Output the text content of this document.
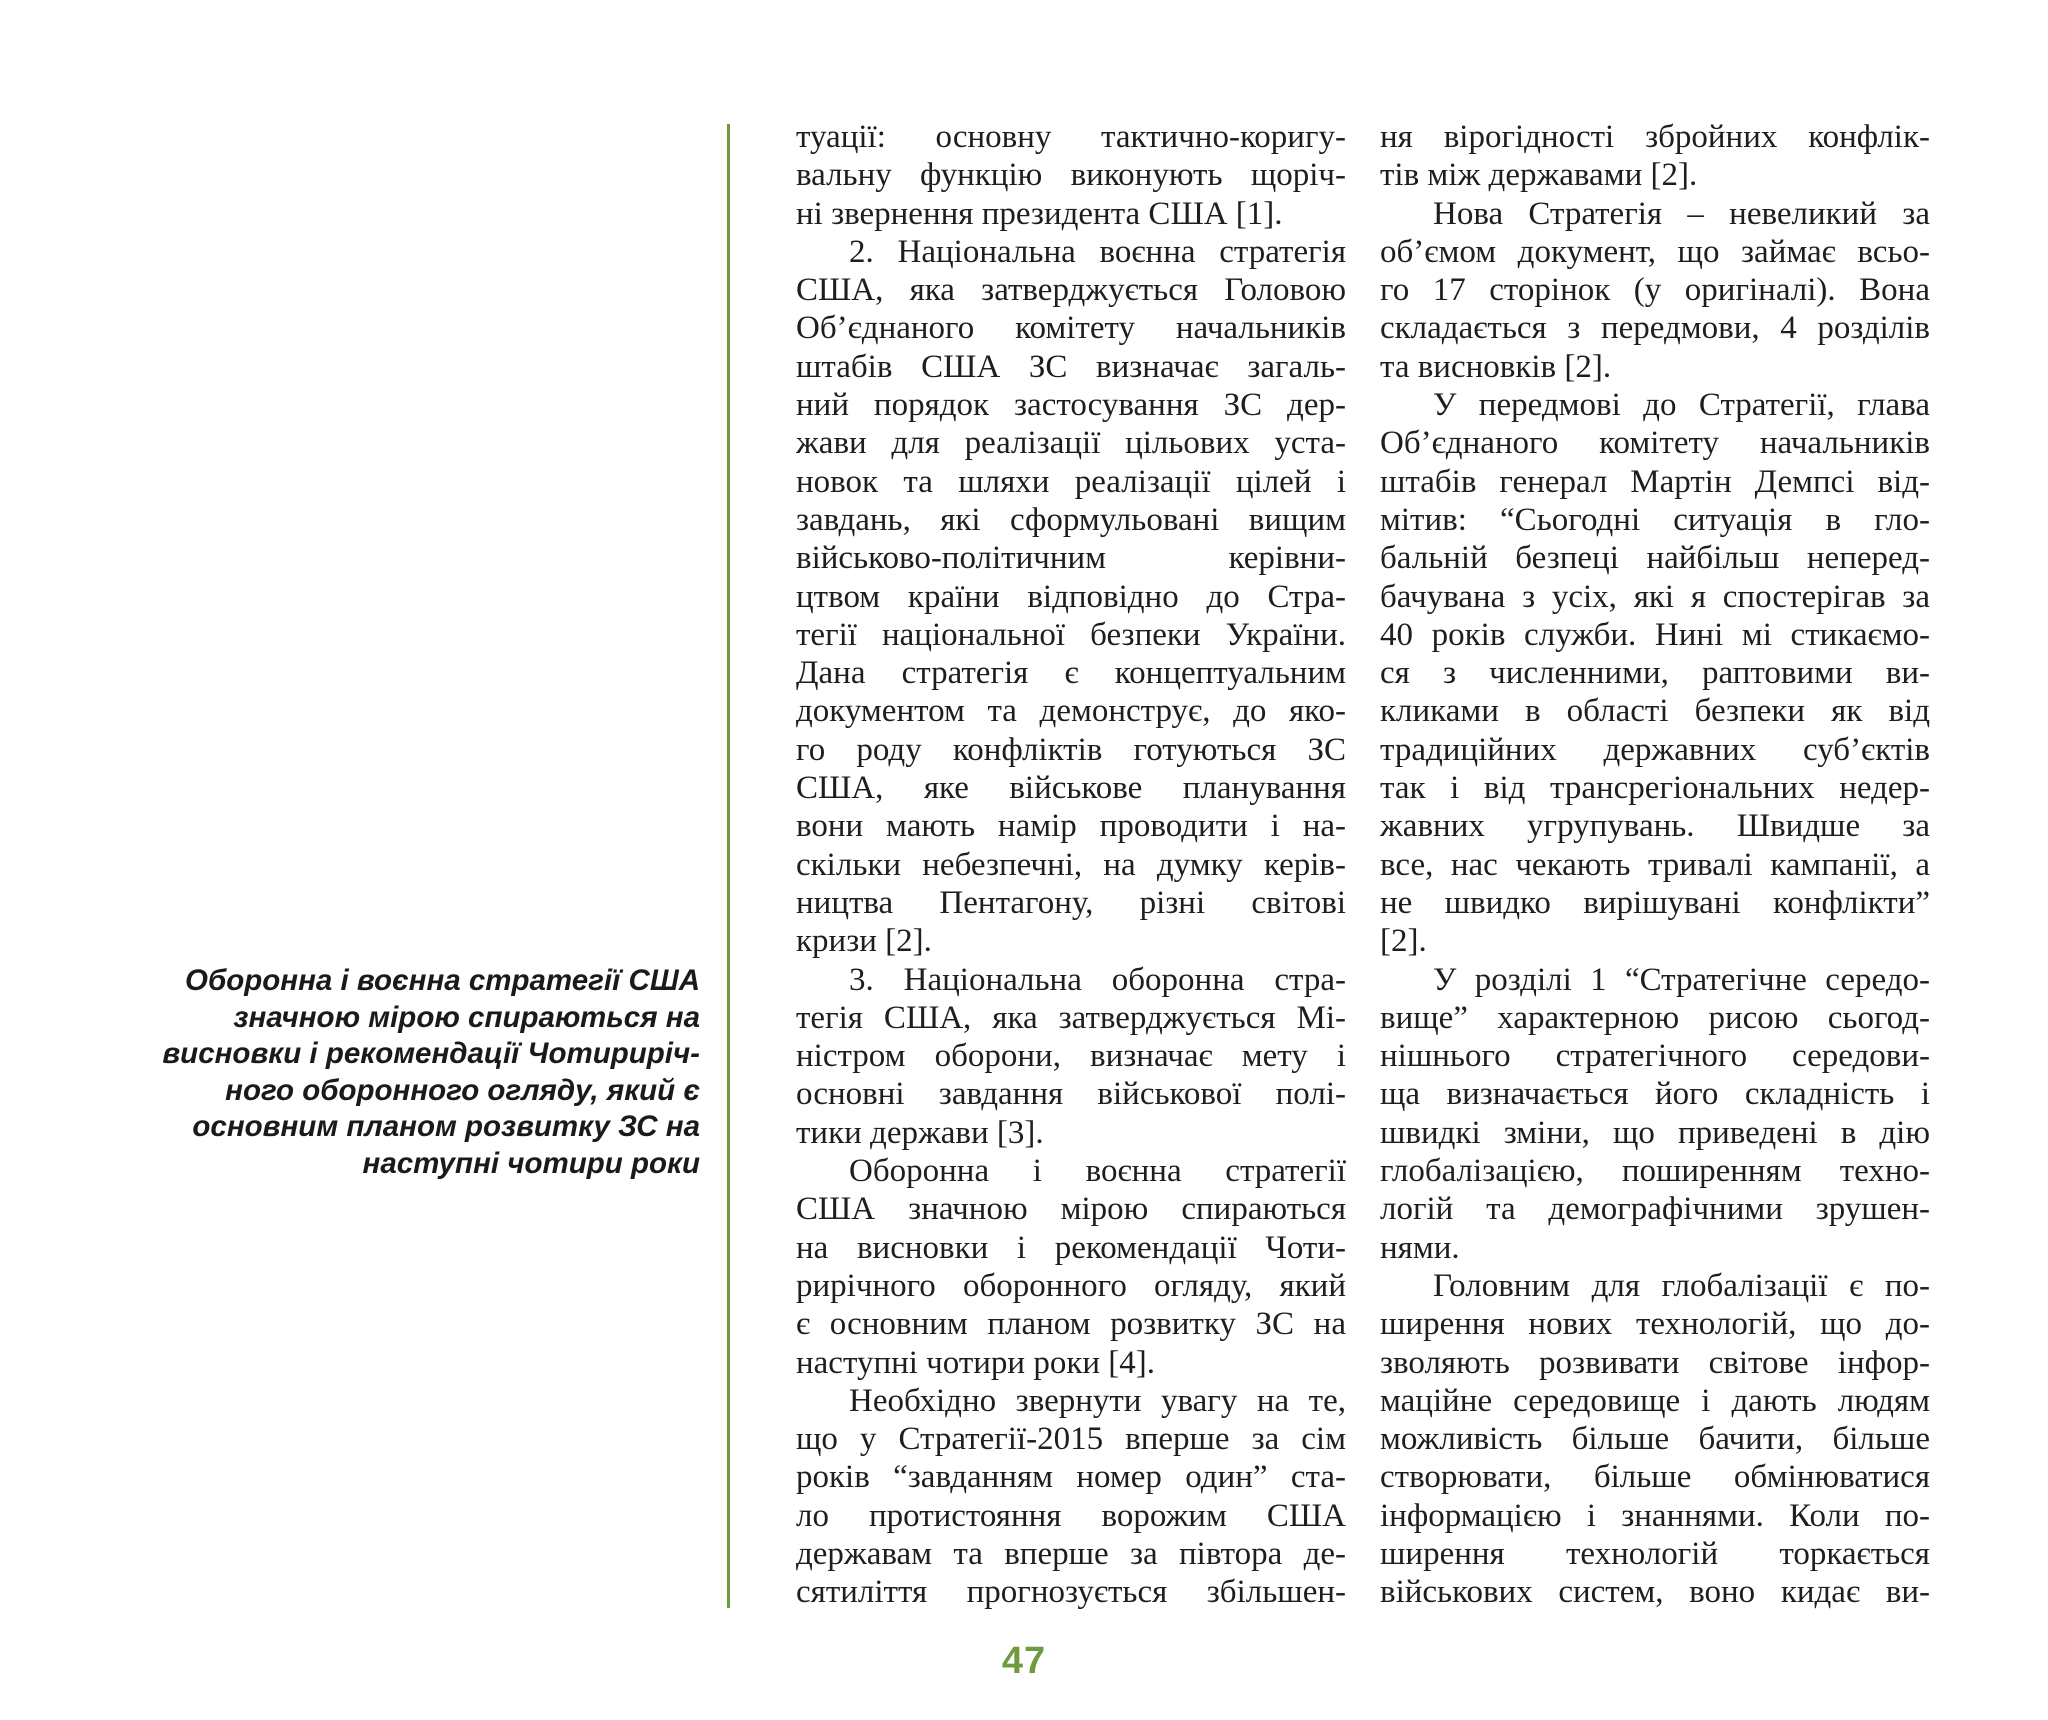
Оборонна і воєнна стратегії США
значною мірою спираються на
висновки і рекомендації Чотириріч-
ного оборонного огляду, який є
основним планом розвитку ЗС на
наступні чотири роки
туації: основну тактично-коригу-
вальну функцію виконують щоріч-
ні звернення президента США [1].
2. Національна воєнна стратегія
США, яка затверджується Головою
Об’єднаного комітету начальників
штабів США ЗС визначає загаль-
ний порядок застосування ЗС дер-
жави для реалізації цільових уста-
новок та шляхи реалізації цілей і
завдань, які сформульовані вищим
військово-політичним керівни-
цтвом країни відповідно до Стра-
тегії національної безпеки України.
Дана стратегія є концептуальним
документом та демонструє, до яко-
го роду конфліктів готуються ЗС
США, яке військове планування
вони мають намір проводити і на-
скільки небезпечні, на думку керів-
ництва Пентагону, різні світові
кризи [2].
3. Національна оборонна стра-
тегія США, яка затверджується Мі-
ністром оборони, визначає мету і
основні завдання військової полі-
тики держави [3].
Оборонна і воєнна стратегії
США значною мірою спираються
на висновки і рекомендації Чоти-
рирічного оборонного огляду, який
є основним планом розвитку ЗС на
наступні чотири роки [4].
Необхідно звернути увагу на те,
що у Стратегії-2015 вперше за сім
років “завданням номер один” ста-
ло протистояння ворожим США
державам та вперше за півтора де-
сятиліття прогнозується збільшен-
ня вірогідності збройних конфлік-
тів між державами [2].
Нова Стратегія – невеликий за
об’ємом документ, що займає всьо-
го 17 сторінок (у оригіналі). Вона
складається з передмови, 4 розділів
та висновків [2].
У передмові до Стратегії, глава
Об’єднаного комітету начальників
штабів генерал Мартін Демпсі від-
мітив: “Сьогодні ситуація в гло-
бальній безпеці найбільш неперед-
бачувана з усіх, які я спостерігав за
40 років служби. Нині мі стикаємо-
ся з численними, раптовими ви-
кликами в області безпеки як від
традиційних державних суб’єктів
так і від трансрегіональних недер-
жавних угрупувань. Швидше за
все, нас чекають тривалі кампанії, а
не швидко вирішувані конфлікти”
[2].
У розділі 1 “Стратегічне середо-
вище” характерною рисою сьогод-
нішнього стратегічного середови-
ща визначається його складність і
швидкі зміни, що приведені в дію
глобалізацією, поширенням техно-
логій та демографічними зрушен-
нями.
Головним для глобалізації є по-
ширення нових технологій, що до-
зволяють розвивати світове інфор-
маційне середовище і дають людям
можливість більше бачити, більше
створювати, більше обмінюватися
інформацією і знаннями. Коли по-
ширення технологій торкається
військових систем, воно кидає ви-
47
